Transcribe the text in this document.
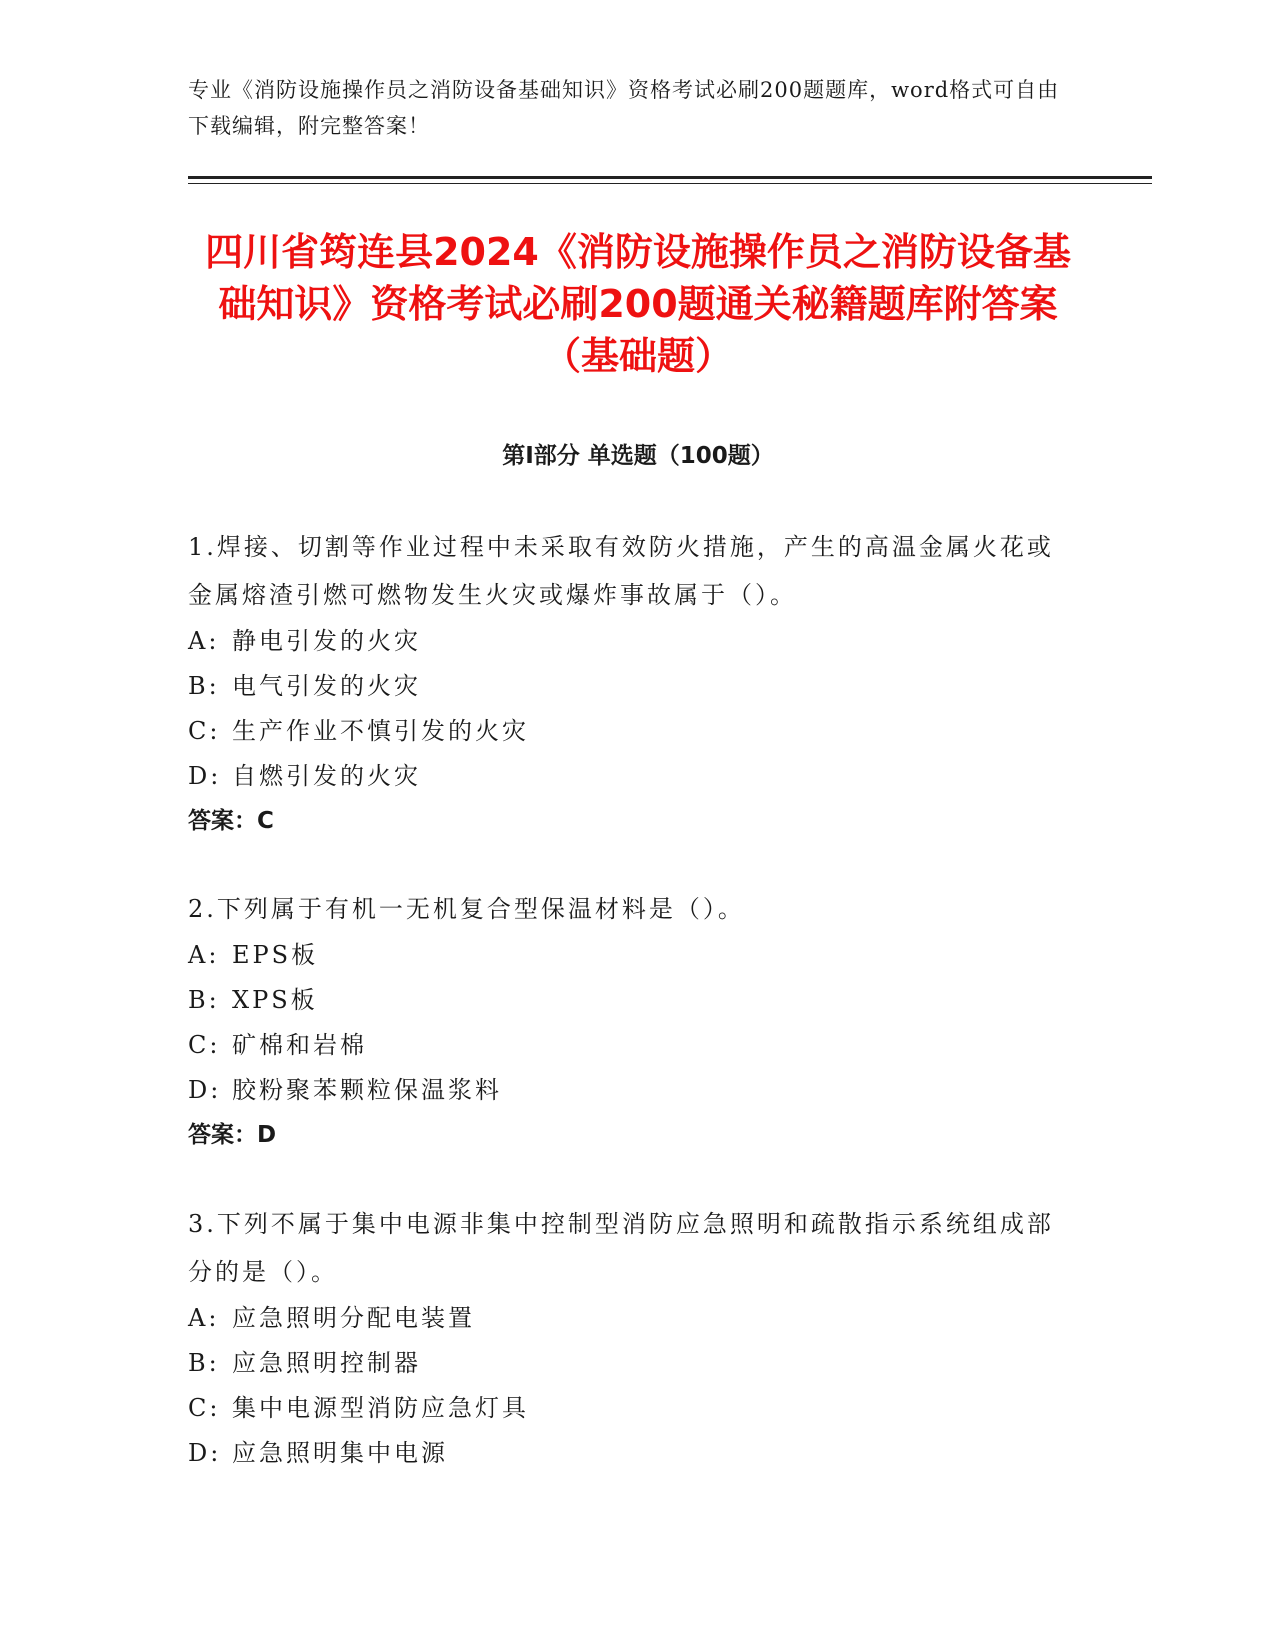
专业《消防设施操作员之消防设备基础知识》资格考试必刷200题题库，word格式可自由下载编辑，附完整答案！
四川省筠连县2024《消防设施操作员之消防设备基础知识》资格考试必刷200题通关秘籍题库附答案（基础题）
第Ⅰ部分 单选题（100题）
1.焊接、切割等作业过程中未采取有效防火措施，产生的高温金属火花或金属熔渣引燃可燃物发生火灾或爆炸事故属于（）。
A: 静电引发的火灾
B: 电气引发的火灾
C: 生产作业不慎引发的火灾
D: 自燃引发的火灾
答案：C
2.下列属于有机一无机复合型保温材料是（）。
A: EPS板
B: XPS板
C: 矿棉和岩棉
D: 胶粉聚苯颗粒保温浆料
答案：D
3.下列不属于集中电源非集中控制型消防应急照明和疏散指示系统组成部分的是（）。
A: 应急照明分配电装置
B: 应急照明控制器
C: 集中电源型消防应急灯具
D: 应急照明集中电源
